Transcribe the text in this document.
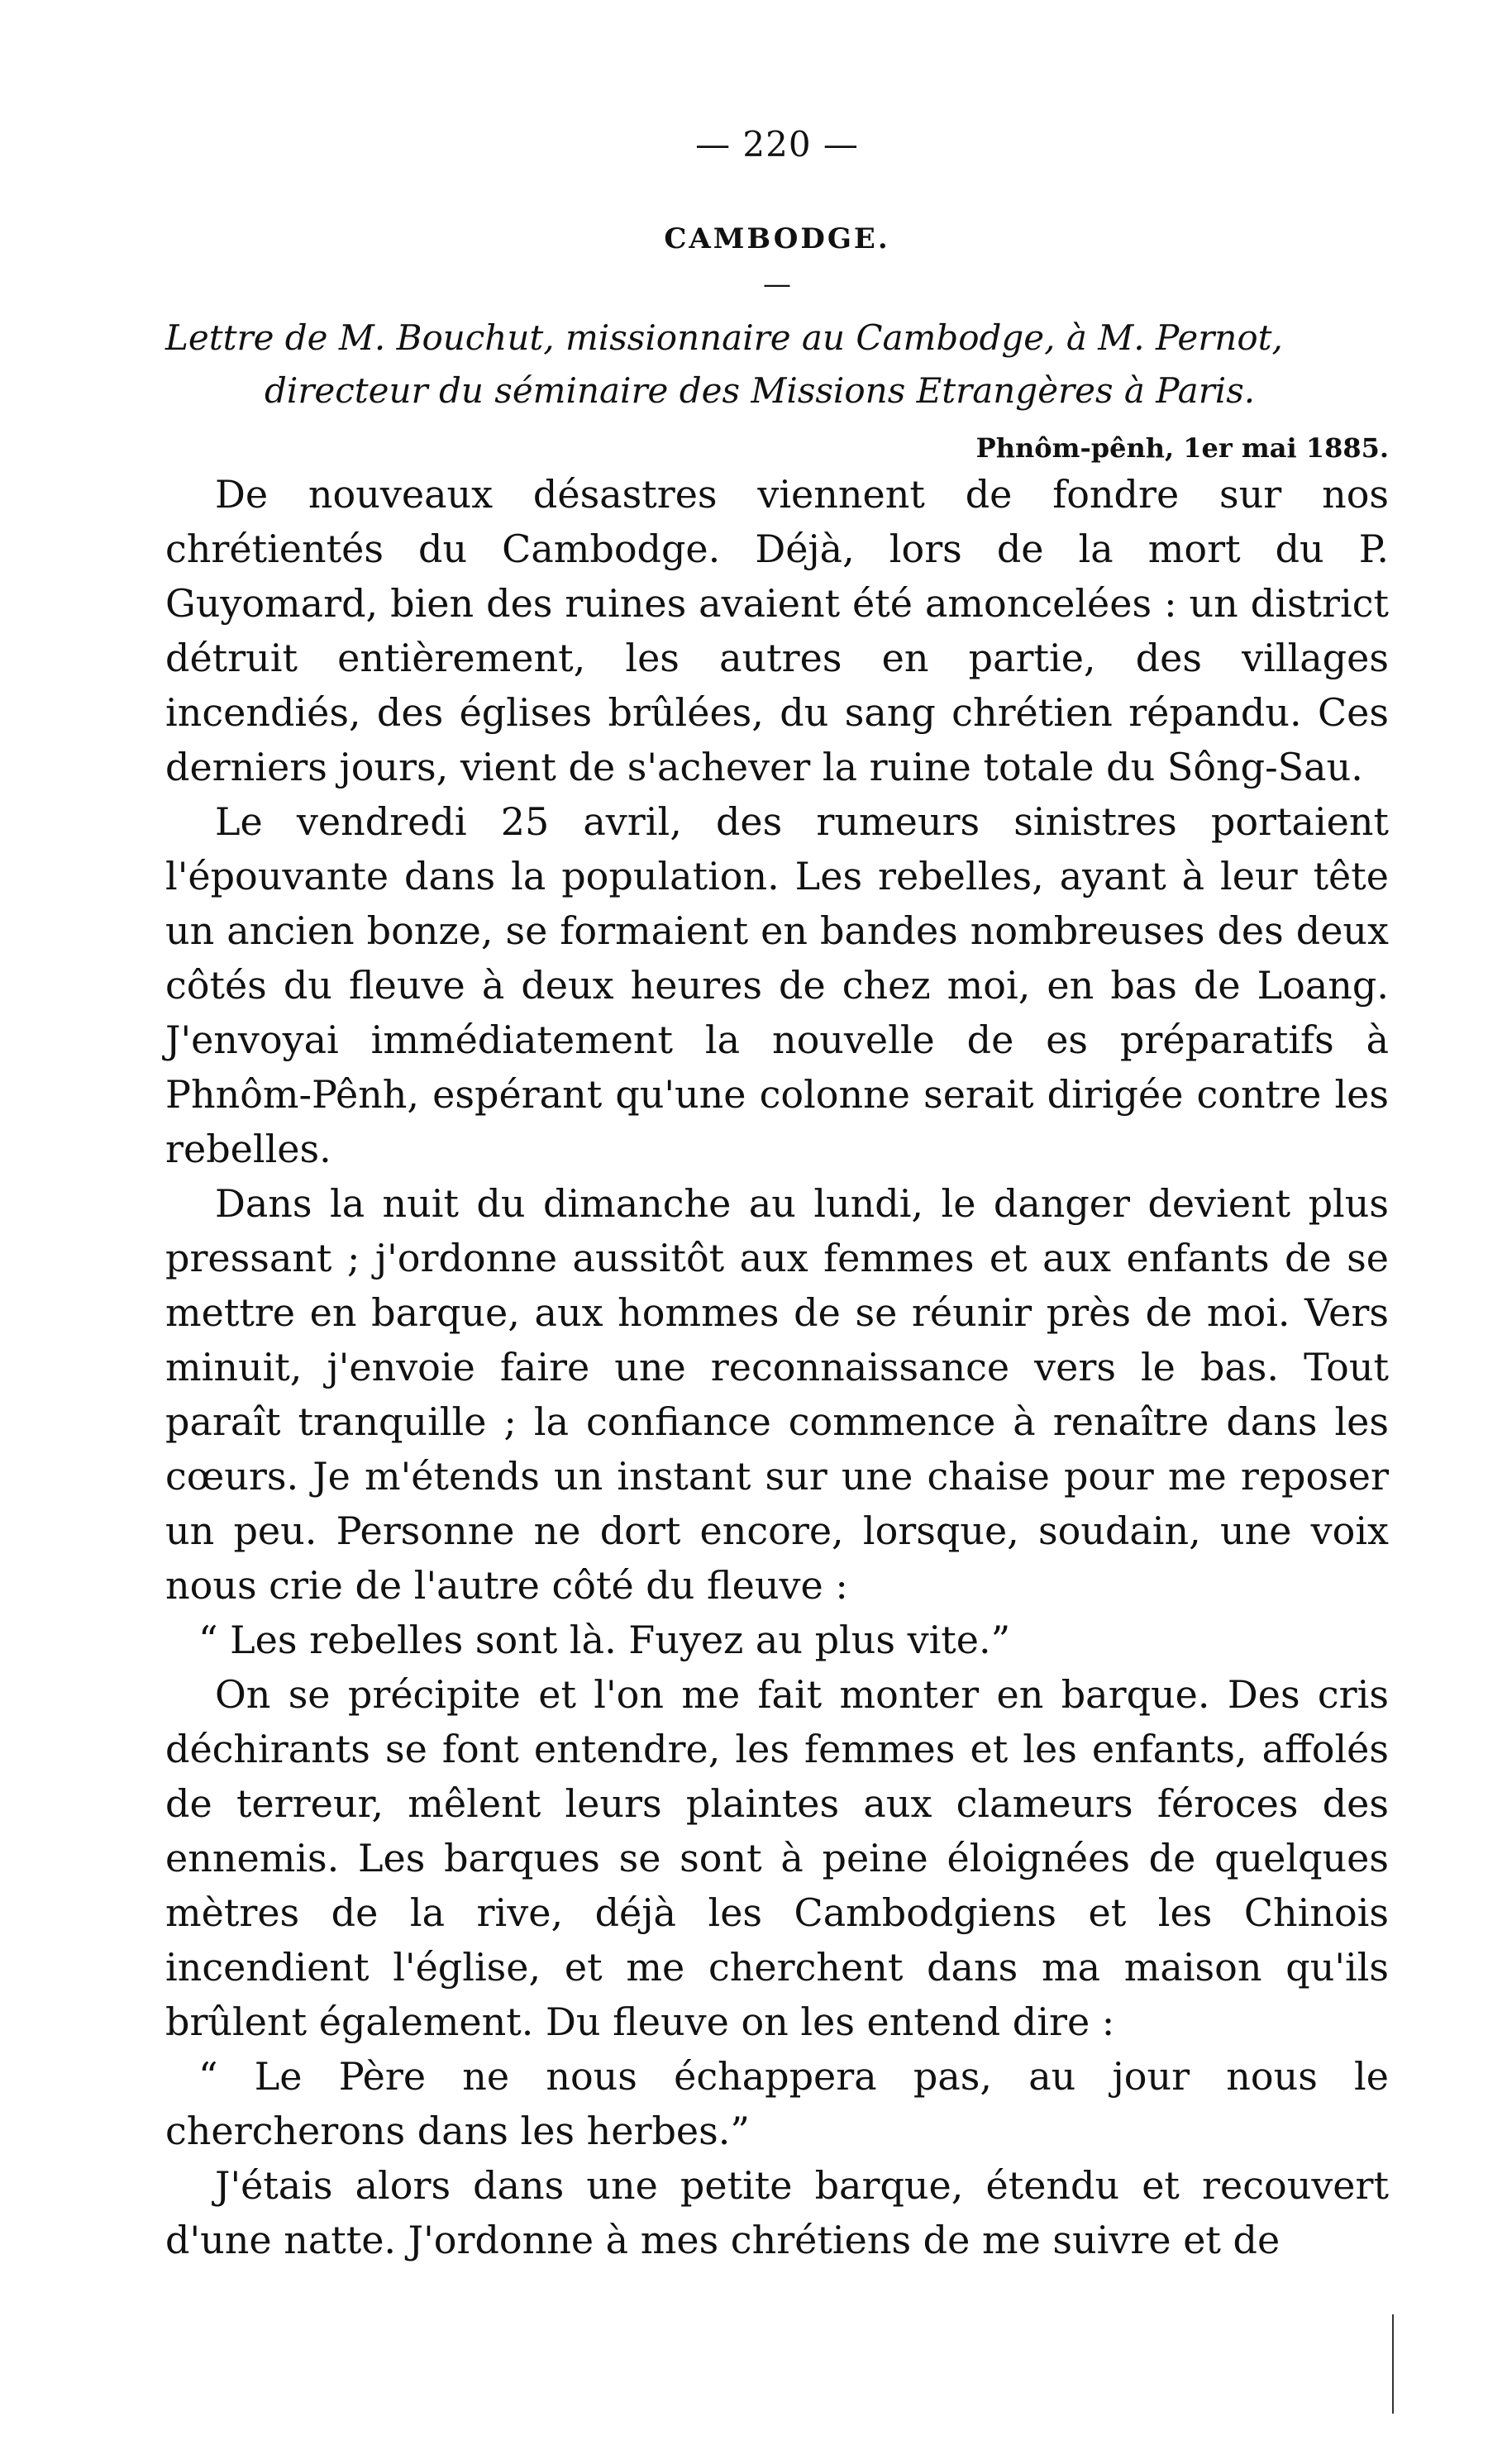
— 220 —
CAMBODGE.
—
Lettre de M. Bouchut, missionnaire au Cambodge, à M. Pernot,
directeur du séminaire des Missions Etrangères à Paris.
Phnôm-pênh, 1er mai 1885.

De nouveaux désastres viennent de fondre sur nos chrétientés du Cambodge. Déjà, lors de la mort du P. Guyomard, bien des ruines avaient été amoncelées : un district détruit entièrement, les autres en partie, des villages incendiés, des églises brûlées, du sang chrétien répandu. Ces derniers jours, vient de s'achever la ruine totale du Sông-Sau.

Le vendredi 25 avril, des rumeurs sinistres portaient l'épouvante dans la population. Les rebelles, ayant à leur tête un ancien bonze, se formaient en bandes nombreuses des deux côtés du fleuve à deux heures de chez moi, en bas de Loang. J'envoyai immédiatement la nouvelle de es préparatifs à Phnôm-Pênh, espérant qu'une colonne serait dirigée contre les rebelles.

Dans la nuit du dimanche au lundi, le danger devient plus pressant ; j'ordonne aussitôt aux femmes et aux enfants de se mettre en barque, aux hommes de se réunir près de moi. Vers minuit, j'envoie faire une reconnaissance vers le bas. Tout paraît tranquille ; la confiance commence à renaître dans les cœurs. Je m'étends un instant sur une chaise pour me reposer un peu. Personne ne dort encore, lorsque, soudain, une voix nous crie de l'autre côté du fleuve :

“ Les rebelles sont là. Fuyez au plus vite.”

On se précipite et l'on me fait monter en barque. Des cris déchirants se font entendre, les femmes et les enfants, affolés de terreur, mêlent leurs plaintes aux clameurs féroces des ennemis. Les barques se sont à peine éloignées de quelques mètres de la rive, déjà les Cambodgiens et les Chinois incendient l'église, et me cherchent dans ma maison qu'ils brûlent également. Du fleuve on les entend dire :

“ Le Père ne nous échappera pas, au jour nous le chercherons dans les herbes.”

J'étais alors dans une petite barque, étendu et recouvert d'une natte. J'ordonne à mes chrétiens de me suivre et de
